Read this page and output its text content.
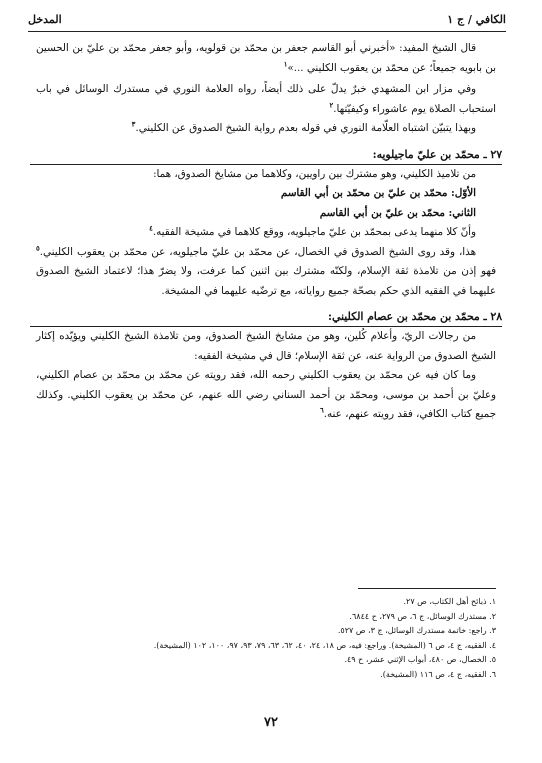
الكافي / ج ١
المدخل

قال الشيخ المفيد: «أخبرني أبو القاسم جعفر بن محمّد بن قولويه، وأبو جعفر محمّد بن عليّ بن الحسين بن بابويه جميعاً؛ عن محمّد بن يعقوب الكليني ...»$^١$

وفي مزار ابن المشهدي خبرٌ يدلّ على ذلك أيضاً، رواه العلامة النوري في مستدرك الوسائل في باب استحباب الصلاة يوم عاشوراء وكيفيّتها.$^٢$

وبهذا يتبيّن اشتباه العلّامة النوري في قوله بعدم رواية الشيخ الصدوق عن الكليني.$^٣$

٢٧ ـ محمّد بن عليّ ماجيلويه:

من تلاميذ الكليني، وهو مشترك بين راويين، وكلاهما من مشايخ الصدوق، هما:

الأوّل: محمّد بن عليّ بن محمّد بن أبي القاسم

الثاني: محمّد بن عليّ بن أبي القاسم

وأنّ كلا منهما يدعى بمحمّد بن عليّ ماجيلويه، ووقع كلاهما في مشيخة الفقيه.$^٤$

هذا، وقد روى الشيخ الصدوق في الخصال، عن محمّد بن عليّ ماجيلويه، عن محمّد بن يعقوب الكليني.$^٥$ فهو إذن من تلامذة ثقة الإسلام، ولكنّه مشترك بين اثنين كما عرفت، ولا يضرّ هذا؛ لاعتماد الشيخ الصدوق عليهما في الفقيه الذي حكم بصحّة جميع رواياته، مع ترضّيه عليهما في المشيخة.

٢٨ ـ محمّد بن محمّد بن عصام الكليني:

من رجالات الريّ، وأعلام كُلين، وهو من مشايخ الشيخ الصدوق، ومن تلامذة الشيخ الكليني ويؤيّده إكثار الشيخ الصدوق من الرواية عنه، عن ثقة الإسلام؛ قال في مشيخة الفقيه:

وما كان فيه عن محمّد بن يعقوب الكليني رحمه الله، فقد رويته عن محمّد بن محمّد بن عصام الكليني، وعليّ بن أحمد بن موسى، ومحمّد بن أحمد السناني رضي الله عنهم، عن محمّد بن يعقوب الكليني. وكذلك جميع كتاب الكافي، فقد رويته عنهم، عنه.$^٦$

١. ذبائح أهل الكتاب، ص ٢٧.
٢. مستدرك الوسائل، ج ٦، ص ٢٧٩، ح ٦٨٤٤.
٣. راجع: خاتمة مستدرك الوسائل، ج ٣، ص ٥٢٧.
٤. الفقيه، ج ٤، ص ٦ (المشيخة). وراجع: فيه، ص ١٨، ٢٤، ٤٠، ٦٢، ٦٣، ٧٩، ٩٣، ٩٧، ١٠٠، ١٠٢ (المشيخة).
٥. الخصال، ص ٤٨٠، أبواب الإثني عشر، ح ٤٩.
٦. الفقيه، ج ٤، ص ١١٦ (المشيخة).
٧٢
